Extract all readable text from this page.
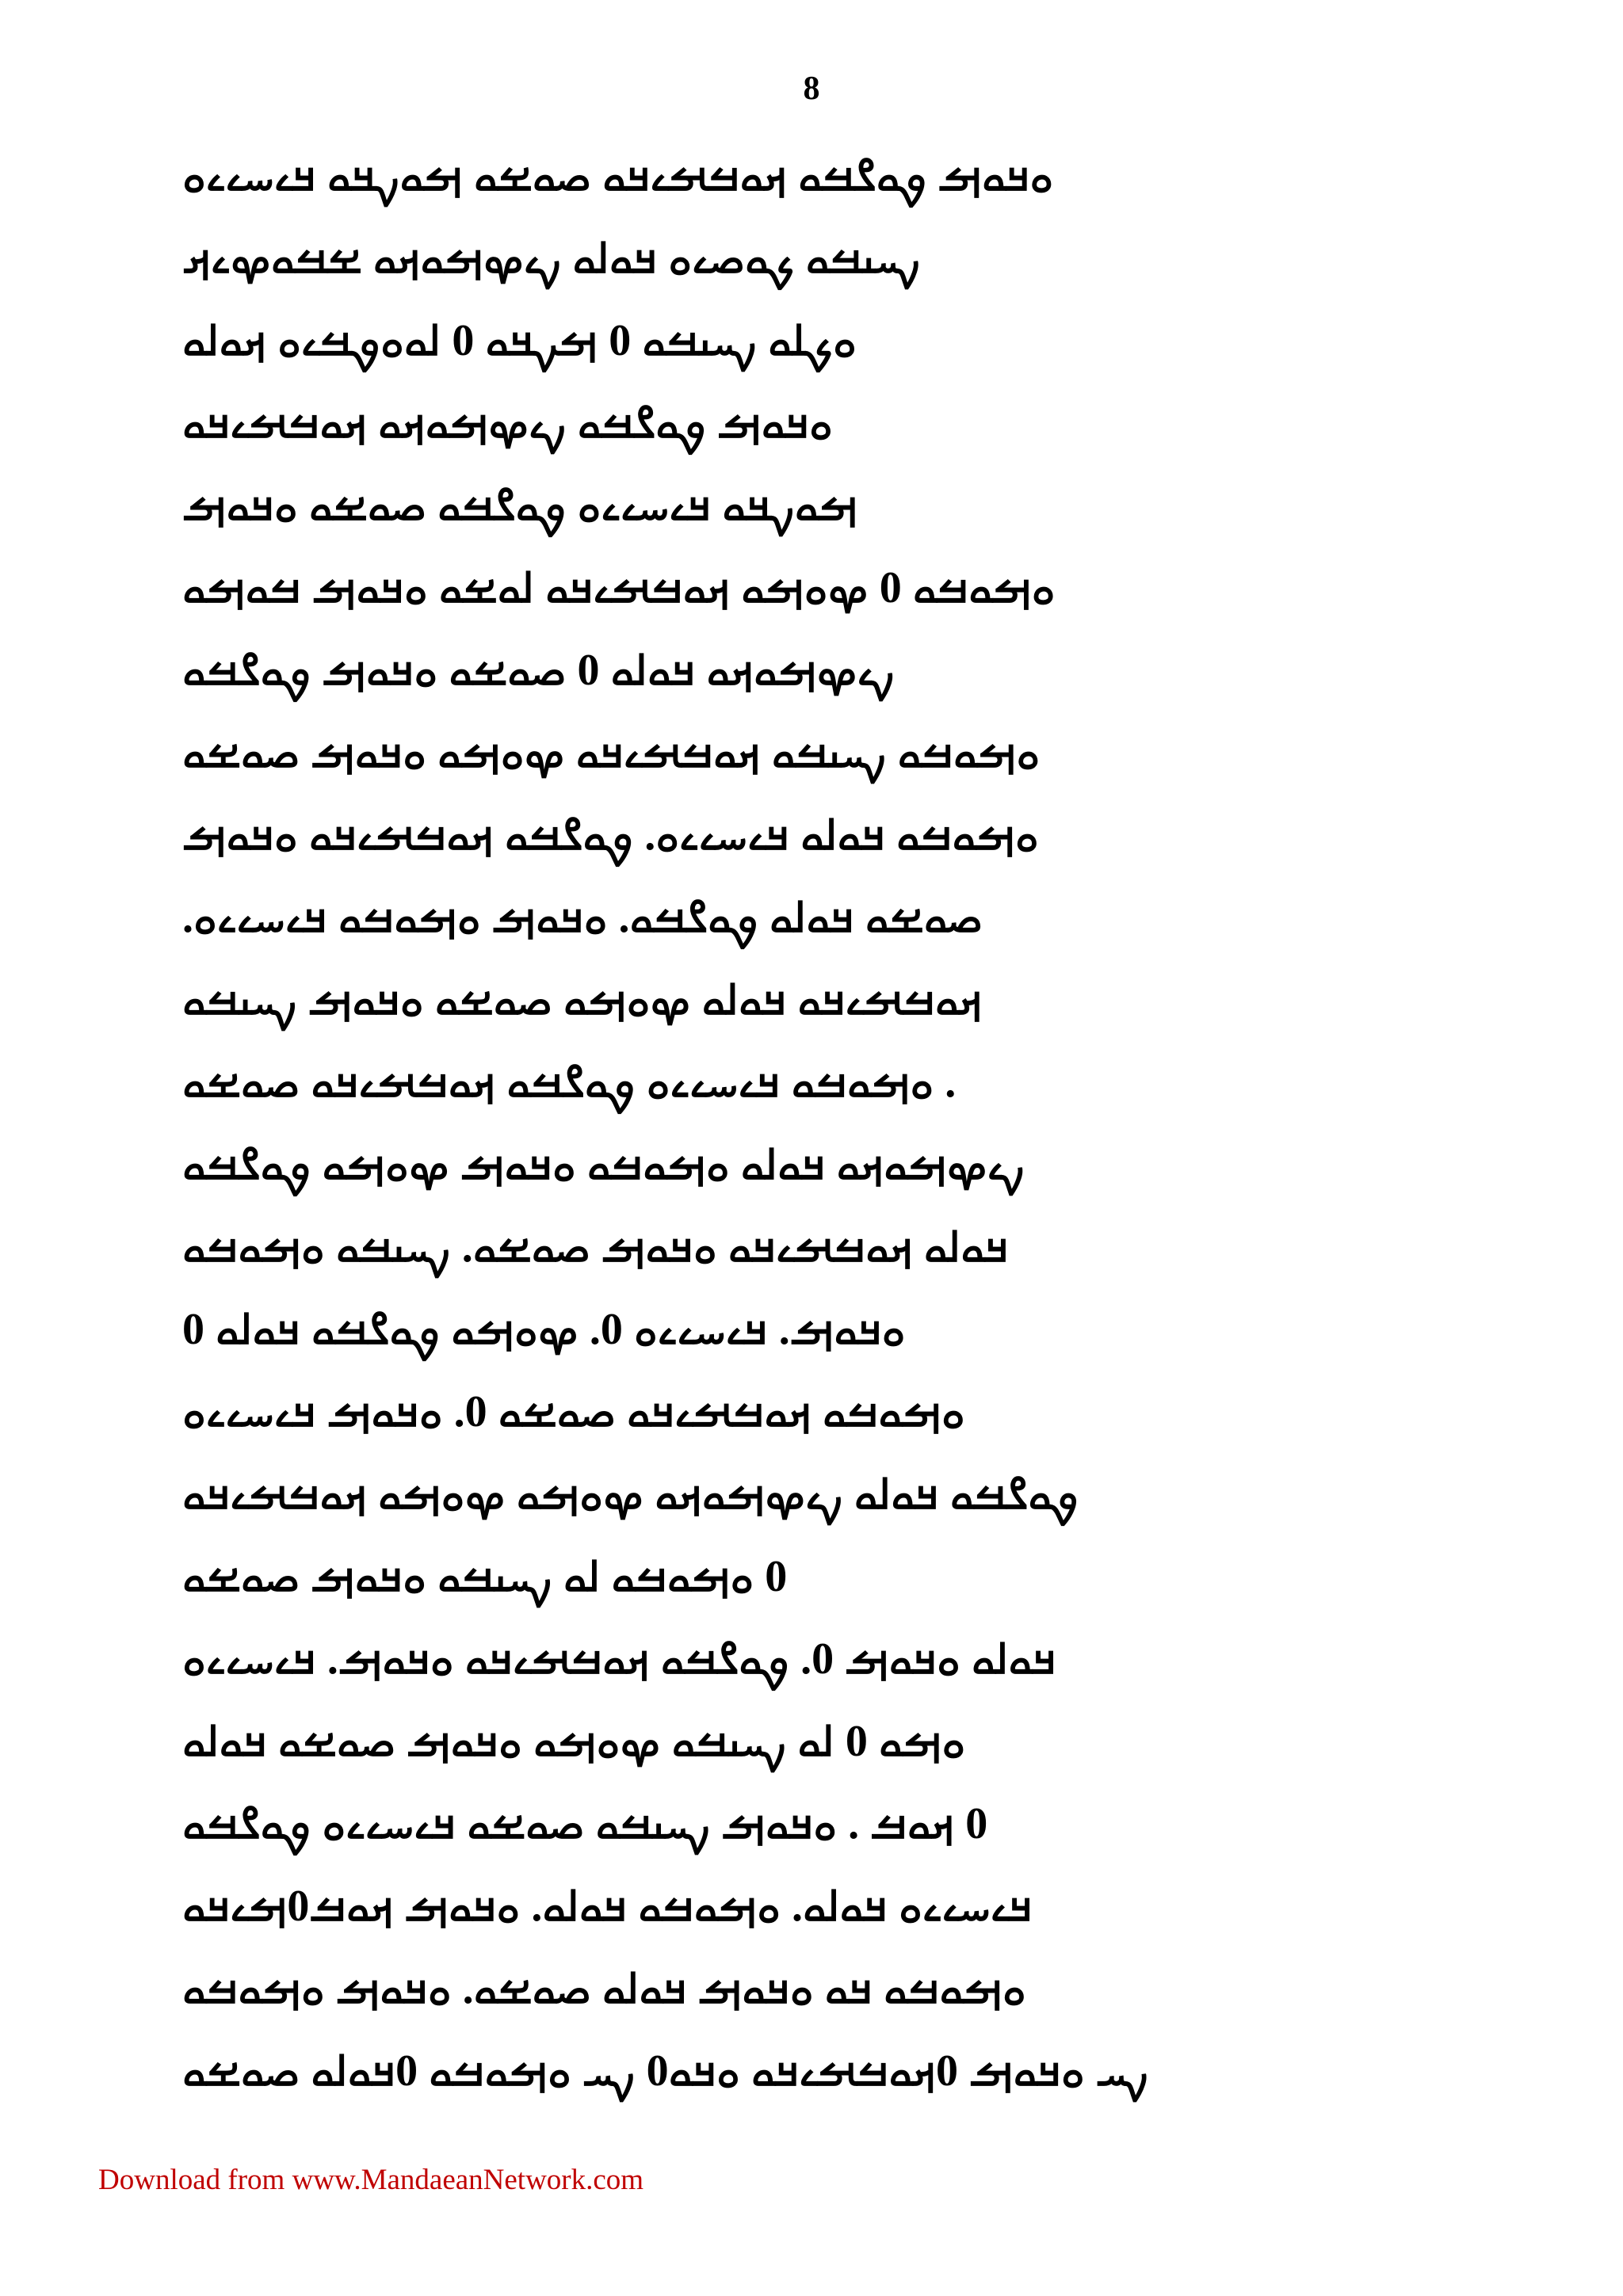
8
ࡀࡃࡀࡌ ࡐࡀࡂࡓࡀ ࡕࡀࡓࡌࡉࡃࡀ ࡎࡀࡁࡀ ࡌࡀࡍࡃࡀ ࡃࡉࡄࡉࡉࡀ
ࡍࡄࡅࡓࡀ ࡊࡀࡎࡉࡀ ࡃࡀࡋࡀ ࡍࡉࡔࡌࡀࡕࡀ ࡁࡓࡀࡔࡉࡕ
ࡀࡊࡋࡀ ࡍࡄࡅࡓࡀ 0 ࡌࡍࡃࡀ 0 ࡋࡀࡀࡐࡓࡉࡀ ࡕࡀࡋࡀ
ࡀࡃࡀࡌ ࡐࡀࡂࡓࡀ ࡍࡉࡔࡌࡀࡕࡀ ࡕࡀࡓࡌࡉࡃࡀ
ࡌࡀࡍࡃࡀ ࡃࡉࡄࡉࡉࡀ ࡐࡀࡂࡓࡀ ࡎࡀࡁࡀ ࡀࡃࡀࡌ
ࡀࡌࡀࡓࡀ 0 ࡔࡀࡌࡀ ࡕࡀࡓࡌࡉࡃࡀ ࡋࡀࡁࡀ ࡀࡃࡀࡌ ࡓࡀࡌࡀ
ࡍࡉࡔࡌࡀࡕࡀ ࡃࡀࡋࡀ 0 ࡎࡀࡁࡀ ࡀࡃࡀࡌ ࡐࡀࡂࡓࡀ
ࡀࡌࡀࡓࡀ ࡍࡄࡅࡓࡀ ࡕࡀࡓࡌࡉࡃࡀ ࡔࡀࡌࡀ ࡀࡃࡀࡌ ࡎࡀࡁࡀ
ࡀࡌࡀࡓࡀ ࡃࡀࡋࡀ ࡃࡉࡄࡉࡉࡀ. ࡐࡀࡂࡓࡀ ࡕࡀࡓࡌࡉࡃࡀ ࡀࡃࡀࡌ
ࡎࡀࡁࡀ ࡃࡀࡋࡀ ࡐࡀࡂࡓࡀ. ࡀࡃࡀࡌ ࡀࡌࡀࡓࡀ ࡃࡉࡄࡉࡉࡀ.
ࡕࡀࡓࡌࡉࡃࡀ ࡃࡀࡋࡀ ࡔࡀࡌࡀ ࡎࡀࡁࡀ ࡀࡃࡀࡌ ࡍࡄࡅࡓࡀ
. ࡀࡌࡀࡓࡀ ࡃࡉࡄࡉࡉࡀ ࡐࡀࡂࡓࡀ ࡕࡀࡓࡌࡉࡃࡀ ࡎࡀࡁࡀ
ࡍࡉࡔࡌࡀࡕࡀ ࡃࡀࡋࡀ ࡀࡌࡀࡓࡀ ࡀࡃࡀࡌ ࡔࡀࡌࡀ ࡐࡀࡂࡓࡀ
ࡃࡀࡋࡀ ࡕࡀࡓࡌࡉࡃࡀ ࡀࡃࡀࡌ ࡎࡀࡁࡀ. ࡍࡄࡅࡓࡀ ࡀࡌࡀࡓࡀ
ࡀࡃࡀࡌ. ࡃࡉࡄࡉࡉࡀ 0. ࡔࡀࡌࡀ ࡐࡀࡂࡓࡀ ࡃࡀࡋࡀ 0
ࡀࡌࡀࡓࡀ ࡕࡀࡓࡌࡉࡃࡀ ࡎࡀࡁࡀ 0. ࡀࡃࡀࡌ ࡃࡉࡄࡉࡉࡀ
ࡐࡀࡂࡓࡀ ࡃࡀࡋࡀ ࡍࡉࡔࡌࡀࡕࡀ ࡔࡀࡌࡀ ࡔࡀࡌࡀ ࡕࡀࡓࡌࡉࡃࡀ
0 ࡀࡌࡀࡓࡀ ࡋࡀ ࡍࡄࡅࡓࡀ ࡀࡃࡀࡌ ࡎࡀࡁࡀ
ࡃࡀࡋࡀ ࡀࡃࡀࡌ 0. ࡐࡀࡂࡓࡀ ࡕࡀࡓࡌࡉࡃࡀ ࡀࡃࡀࡌ. ࡃࡉࡄࡉࡉࡀ
ࡀࡌࡀ 0 ࡋࡀ ࡍࡄࡅࡓࡀ ࡔࡀࡌࡀ ࡀࡃࡀࡌ ࡎࡀࡁࡀ ࡃࡀࡋࡀ
0 ࡕࡀࡓ . ࡀࡃࡀࡌ ࡍࡄࡅࡓࡀ ࡎࡀࡁࡀ ࡃࡉࡄࡉࡉࡀ ࡐࡀࡂࡓࡀ
ࡃࡉࡄࡉࡉࡀ ࡃࡀࡋࡀ. ࡀࡌࡀࡓࡀ ࡃࡀࡋࡀ. ࡀࡃࡀࡌ ࡕࡀࡓ0ࡌࡉࡃࡀ
ࡀࡌࡀࡓࡀ ࡃࡀ ࡀࡃࡀࡌ ࡃࡀࡋࡀ ࡎࡀࡁࡀ. ࡀࡃࡀࡌ ࡀࡌࡀࡓࡀ
ࡍࡄ ࡀࡃࡀࡌ 0ࡕࡀࡓࡌࡉࡃࡀ ࡀࡃࡀ0 ࡍࡄ ࡀࡌࡀࡓࡀ 0ࡃࡀࡋࡀ ࡎࡀࡁࡀ
Download from www.MandaeanNetwork.com
